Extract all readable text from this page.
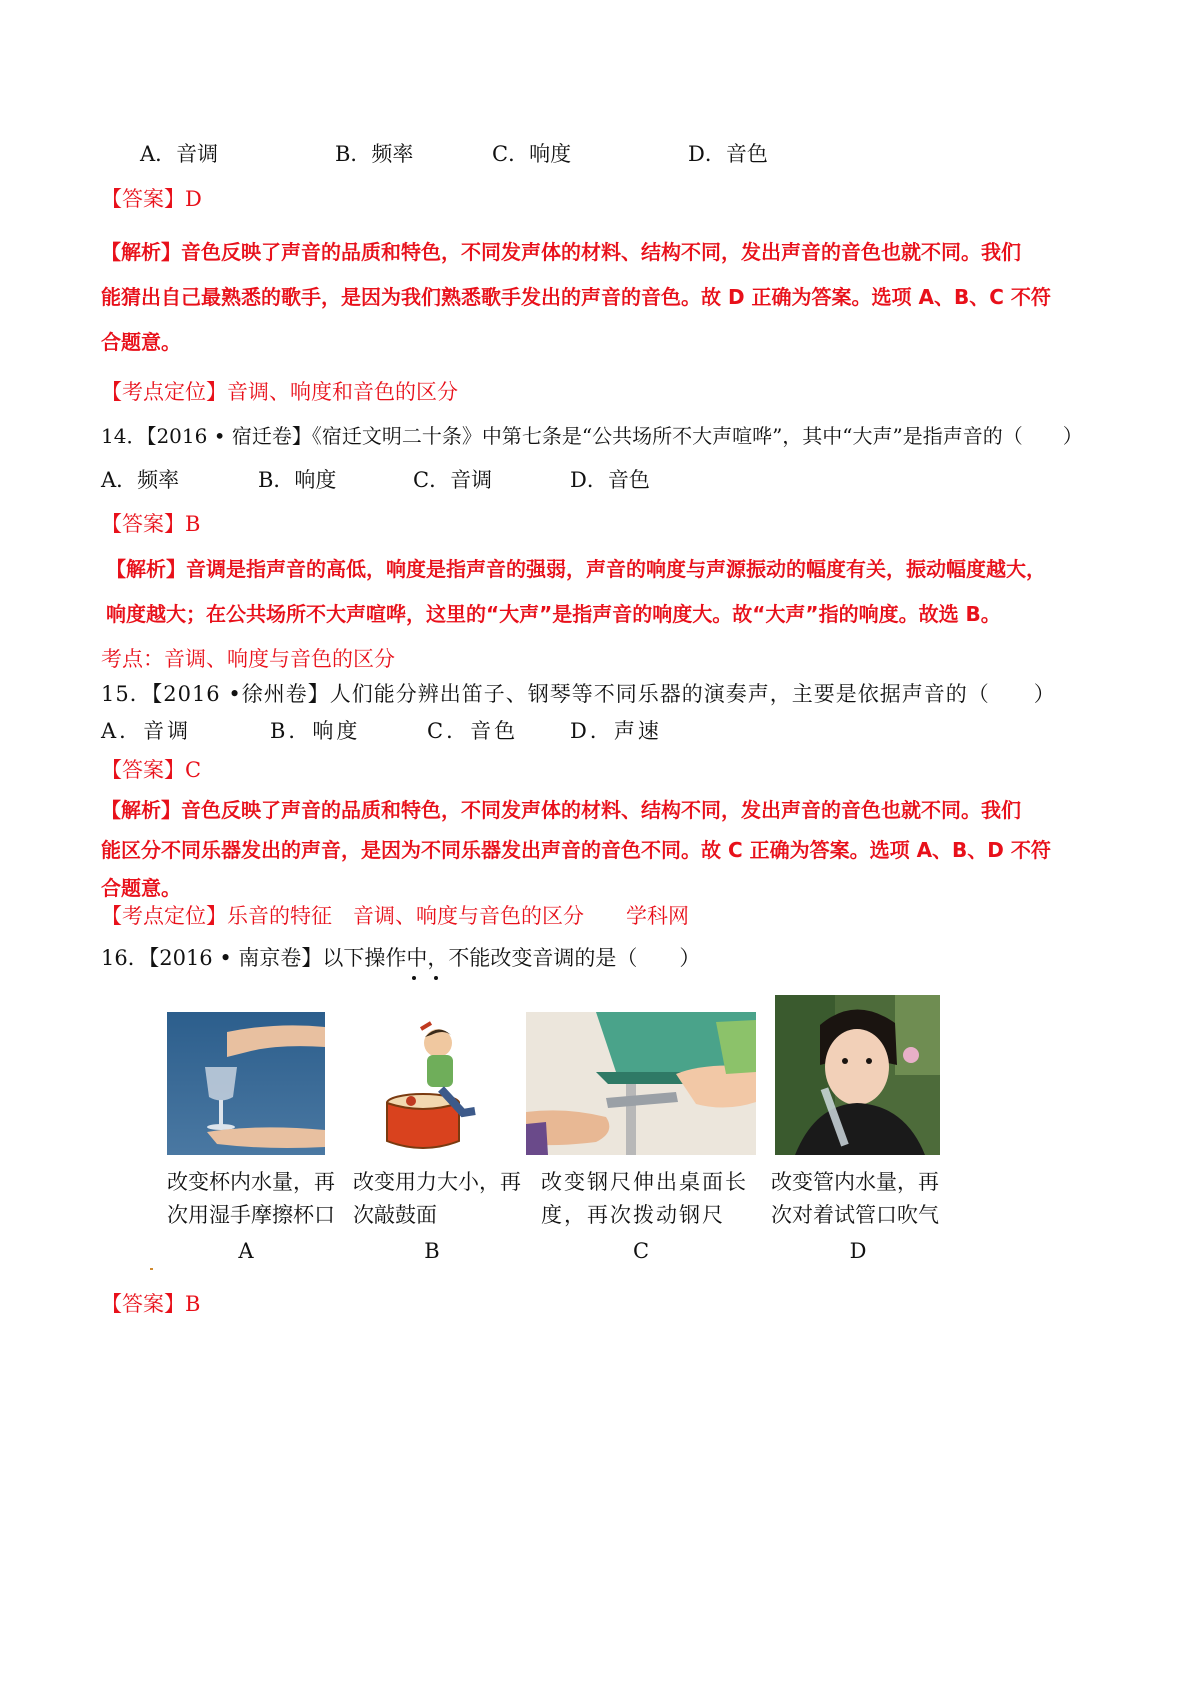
A．音调	B．频率	C．响度	D．音色
【答案】D
【解析】音色反映了声音的品质和特色，不同发声体的材料、结构不同，发出声音的音色也就不同。我们
能猜出自己最熟悉的歌手，是因为我们熟悉歌手发出的声音的音色。故 D 正确为答案。选项 A、B、C 不符
合题意。
【考点定位】音调、响度和音色的区分
14．【2016 • 宿迁卷】《宿迁文明二十条》中第七条是“公共场所不大声喧哗”，其中“大声”是指声音的（　　）
A．频率	B．响度	C．音调	D．音色
【答案】B
【解析】音调是指声音的高低，响度是指声音的强弱，声音的响度与声源振动的幅度有关，振动幅度越大，
响度越大；在公共场所不大声喧哗，这里的“大声”是指声音的响度大。故“大声”指的响度。故选 B。
考点：音调、响度与音色的区分
15．【2016 •徐州卷】人们能分辨出笛子、钢琴等不同乐器的演奏声，主要是依据声音的（　　）
A．音调	B．响度	C．音色 D．声速
【答案】C
【解析】音色反映了声音的品质和特色，不同发声体的材料、结构不同，发出声音的音色也就不同。我们
能区分不同乐器发出的声音，是因为不同乐器发出声音的音色不同。故 C 正确为答案。选项 A、B、D 不符
合题意。
【考点定位】乐音的特征　音调、响度与音色的区分　　学科网
16．【2016 • 南京卷】以下操作中，不能改变音调的是（　　）
改变杯内水量，再次用湿手摩擦杯口
改变用力大小，再次敲鼓面
改变钢尺伸出桌面长度，再次拨动钢尺
改变管内水量，再次对着试管口吹气
A	B	C	D
【答案】B
